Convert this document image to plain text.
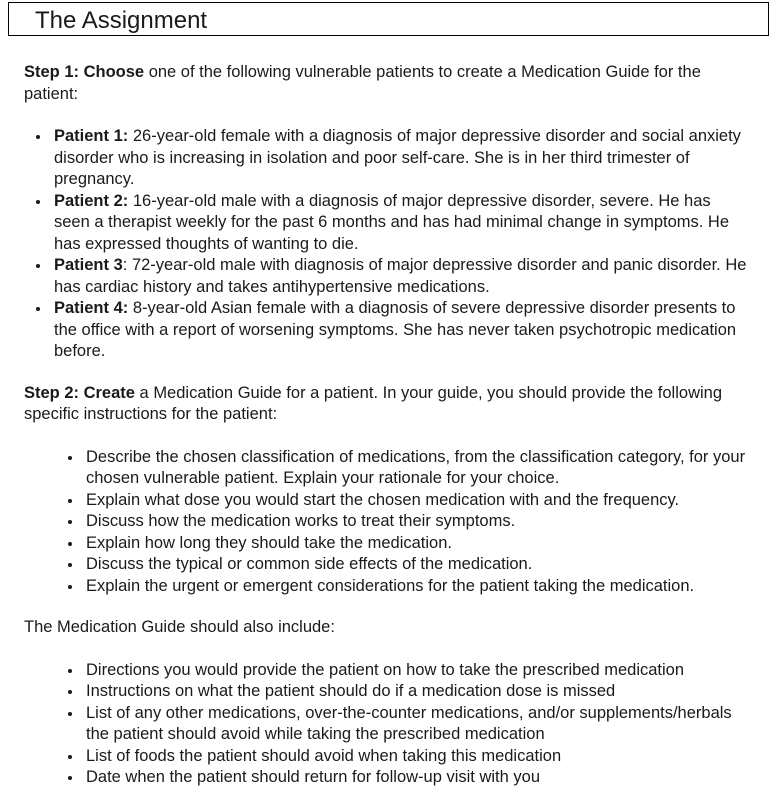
The Assignment

Step 1: Choose one of the following vulnerable patients to create a Medication Guide for the patient:

Patient 1: 26-year-old female with a diagnosis of major depressive disorder and social anxiety disorder who is increasing in isolation and poor self-care. She is in her third trimester of pregnancy.
Patient 2: 16-year-old male with a diagnosis of major depressive disorder, severe. He has seen a therapist weekly for the past 6 months and has had minimal change in symptoms. He has expressed thoughts of wanting to die.
Patient 3: 72-year-old male with diagnosis of major depressive disorder and panic disorder. He has cardiac history and takes antihypertensive medications.
Patient 4: 8-year-old Asian female with a diagnosis of severe depressive disorder presents to the office with a report of worsening symptoms. She has never taken psychotropic medication before.

Step 2: Create a Medication Guide for a patient. In your guide, you should provide the following specific instructions for the patient:

Describe the chosen classification of medications, from the classification category, for your chosen vulnerable patient. Explain your rationale for your choice.
Explain what dose you would start the chosen medication with and the frequency.
Discuss how the medication works to treat their symptoms.
Explain how long they should take the medication.
Discuss the typical or common side effects of the medication.
Explain the urgent or emergent considerations for the patient taking the medication.

The Medication Guide should also include:

Directions you would provide the patient on how to take the prescribed medication
Instructions on what the patient should do if a medication dose is missed
List of any other medications, over-the-counter medications, and/or supplements/herbals the patient should avoid while taking the prescribed medication
List of foods the patient should avoid when taking this medication
Date when the patient should return for follow-up visit with you
